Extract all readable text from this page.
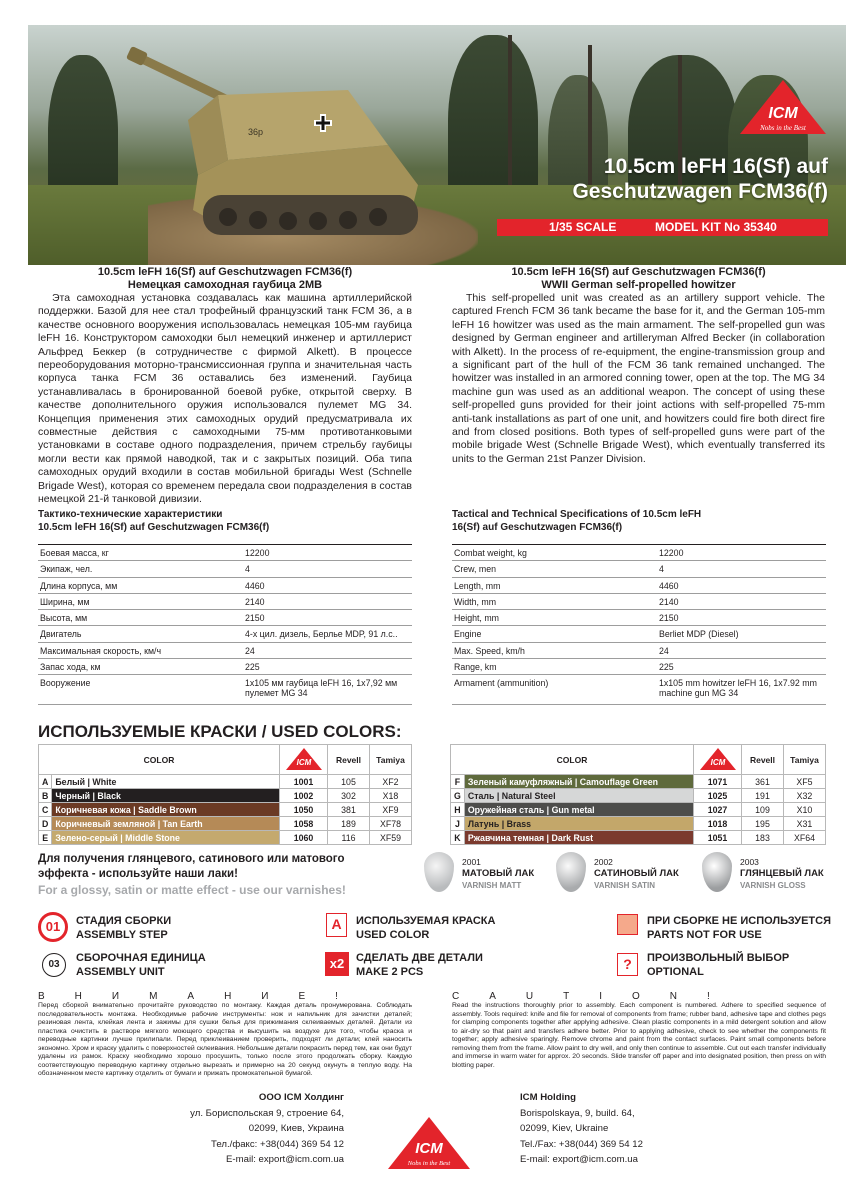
36p
ICM
Nobs in the Best
10.5cm leFH 16(Sf) auf
Geschutzwagen FCM36(f)
1/35 SCALE	MODEL KIT No 35340
10.5cm leFH 16(Sf) auf Geschutzwagen FCM36(f)
Немецкая самоходная гаубица 2МВ
Эта самоходная установка создавалась как машина артиллерийской поддержки. Базой для нее стал трофейный французский танк FCM 36, а в качестве основного вооружения использовалась немецкая 105-мм гаубица leFH 16. Конструктором самоходки был немецкий инженер и артиллерист Альфред Беккер (в сотрудничестве с фирмой Alkett). В процессе переоборудования моторно-трансмиссионная группа и значительная часть корпуса танка FCM 36 оставались без изменений. Гаубица устанавливалась в бронированной боевой рубке, открытой сверху. В качестве дополнительного оружия использовался пулемет MG 34. Концепция применения этих самоходных орудий предусматривала их совместные действия с самоходными 75-мм противотанковыми установками в составе одного подразделения, причем стрельбу гаубицы могли вести как прямой наводкой, так и с закрытых позиций. Оба типа самоходных орудий входили в состав мобильной бригады West (Schnelle Brigade West), которая со временем передала свои подразделения в состав немецкой 21-й танковой дивизии.
10.5cm leFH 16(Sf) auf Geschutzwagen FCM36(f)
WWII German self-propelled howitzer
This self-propelled unit was created as an artillery support vehicle. The captured French FCM 36 tank became the base for it, and the German 105-mm leFH 16 howitzer was used as the main armament. The self-propelled gun was designed by German engineer and artilleryman Alfred Becker (in collaboration with Alkett). In the process of re-equipment, the engine-transmission group and a significant part of the hull of the FCM 36 tank remained unchanged. The howitzer was installed in an armored conning tower, open at the top. The MG 34 machine gun was used as an additional weapon. The concept of using these self-propelled guns provided for their joint actions with self-propelled 75-mm anti-tank installations as part of one unit, and howitzers could fire both direct fire and from closed positions. Both types of self-propelled guns were part of the mobile brigade West (Schnelle Brigade West), which eventually transferred its units to the German 21st Panzer Division.
Тактико-технические характеристики
10.5cm leFH 16(Sf) auf Geschutzwagen FCM36(f)
Боевая масса, кг	12200
Экипаж, чел.	4
Длина корпуса, мм	4460
Ширина, мм	2140
Высота, мм	2150
Двигатель	4-х цил. дизель, Берлье MDP, 91 л.с..
Максимальная скорость, км/ч	24
Запас хода, км	225
Вооружение	1х105 мм гаубица leFH 16, 1х7,92 мм пулемет MG 34
Tactical and Technical Specifications of 10.5cm leFH
16(Sf) auf Geschutzwagen FCM36(f)
Combat weight, kg	12200
Crew, men	4
Length, mm	4460
Width, mm	2140
Height, mm	2150
Engine	Berliet MDP (Diesel)
Max. Speed, km/h	24
Range, km	225
Armament (ammunition)	1x105 mm howitzer leFH 16, 1x7.92 mm machine gun MG 34
ИСПОЛЬЗУЕМЫЕ КРАСКИ / USED COLORS:
COLOR		ICM	Revell	Tamiya
A	Белый | White	1001	105	XF2
B	Черный | Black	1002	302	X18
C	Коричневая кожа | Saddle Brown	1050	381	XF9
D	Коричневый земляной | Tan Earth	1058	189	XF78
E	Зелено-серый | Middle Stone	1060	116	XF59
COLOR		ICM	Revell	Tamiya
F	Зеленый камуфляжный | Camouflage Green	1071	361	XF5
G	Сталь | Natural Steel	1025	191	X32
H	Оружейная сталь | Gun metal	1027	109	X10
J	Латунь | Brass	1018	195	X31
K	Ржавчина темная | Dark Rust	1051	183	XF64
Для получения глянцевого, сатинового или матового
эффекта - используйте наши лаки!
For a glossy, satin or matte effect - use our varnishes!
2001
МАТОВЫЙ ЛАК
VARNISH MATT
2002
САТИНОВЫЙ ЛАК
VARNISH SATIN
2003
ГЛЯНЦЕВЫЙ ЛАК
VARNISH GLOSS
01	СТАДИЯ СБОРКИ
ASSEMBLY STEP
03
СБОРОЧНАЯ ЕДИНИЦА
ASSEMBLY UNIT
A	ИСПОЛЬЗУЕМАЯ КРАСКА
USED COLOR
x2	СДЕЛАТЬ ДВЕ ДЕТАЛИ
MAKE 2 PCS
ПРИ СБОРКЕ НЕ ИСПОЛЬЗУЕТСЯ
PARTS NOT FOR USE
?	ПРОИЗВОЛЬНЫЙ ВЫБОР
OPTIONAL
ВНИМАНИЕ!
Перед сборкой внимательно прочитайте руководство по монтажу. Каждая деталь пронумерована. Соблюдать последовательность монтажа. Необходимые рабочие инструменты: нож и напильник для зачистки деталей; резиновая лента, клейкая лента и зажимы для сушки белья для прижимания склеиваемых деталей. Детали из пластика очистить в растворе мягкого моющего средства и высушить на воздухе для того, чтобы краска и переводные картинки лучше прилипали. Перед приклеиванием проверить, подходят ли детали; клей наносить экономно. Хром и краску удалить с поверхностей склеивания. Небольшие детали покрасить перед тем, как они будут удалены из рамок. Краску необходимо хорошо просушить, только после этого продолжать сборку. Каждую соответствующую переводную картинку отдельно вырезать и примерно на 20 секунд окунуть в теплую воду. На обозначенном месте картинку отделить от бумаги и прижать промокательной бумагой.
CAUTION!
Read the instructions thoroughly prior to assembly. Each component is numbered. Adhere to specified sequence of assembly. Tools required: knife and file for removal of components from frame; rubber band, adhesive tape and clothes pegs for clamping components together after applying adhesive. Clean plastic components in a mild detergent solution and allow to air-dry so that paint and transfers adhere better. Prior to applying adhesive, check to see whether the components fit together; apply adhesive sparingly. Remove chrome and paint from the contact surfaces. Paint small components before removing them from the frame. Allow paint to dry well, and only then continue to assemble. Cut out each transfer individually and immerse in warm water for approx. 20 seconds. Slide transfer off paper and into designated position, then press on with blotting paper.
ООО ICM Холдинг
ул. Бориспольская 9, строение 64,
02099, Киев, Украина
Тел./факс: +38(044) 369 54 12
E-mail: export@icm.com.ua
ICM
Nobs in the Best
ICM Holding
Borispolskaya, 9, build. 64,
02099, Kiev, Ukraine
Tel./Fax: +38(044) 369 54 12
E-mail: export@icm.com.ua
